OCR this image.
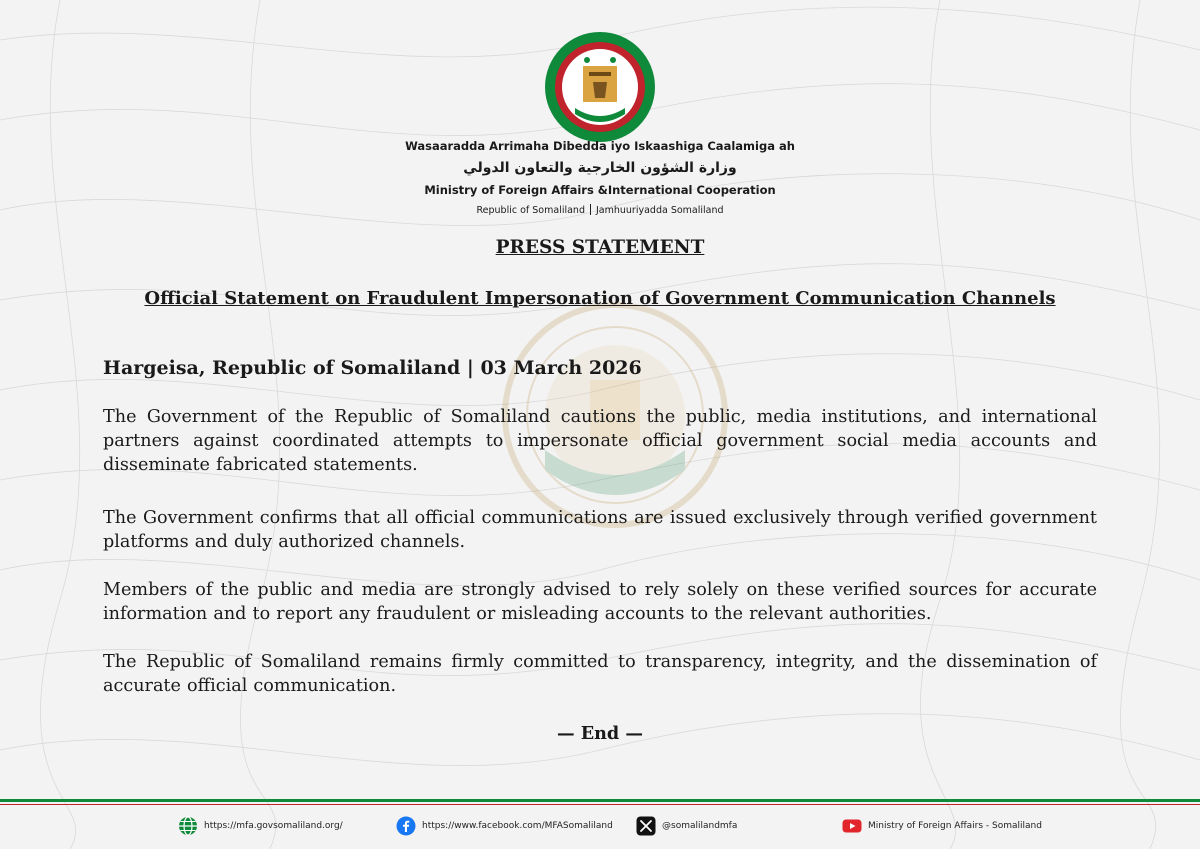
Wasaaradda Arrimaha Dibedda iyo Iskaashiga Caalamiga ah
وزارة الشؤون الخارجية والتعاون الدولي
Ministry of Foreign Affairs &International Cooperation
Republic of Somaliland Jamhuuriyadda Somaliland
PRESS STATEMENT
Official Statement on Fraudulent Impersonation of Government Communication Channels
Hargeisa, Republic of Somaliland | 03 March 2026

The Government of the Republic of Somaliland cautions the public, media institutions, and international partners against coordinated attempts to impersonate official government social media accounts and disseminate fabricated statements.

The Government confirms that all official communications are issued exclusively through verified government platforms and duly authorized channels.

Members of the public and media are strongly advised to rely solely on these verified sources for accurate information and to report any fraudulent or misleading accounts to the relevant authorities.

The Republic of Somaliland remains firmly committed to transparency, integrity, and the dissemination of accurate official communication.

— End —
https://mfa.govsomaliland.org/	https://www.facebook.com/MFASomaliland	@somalilandmfa	Ministry of Foreign Affairs - Somaliland
